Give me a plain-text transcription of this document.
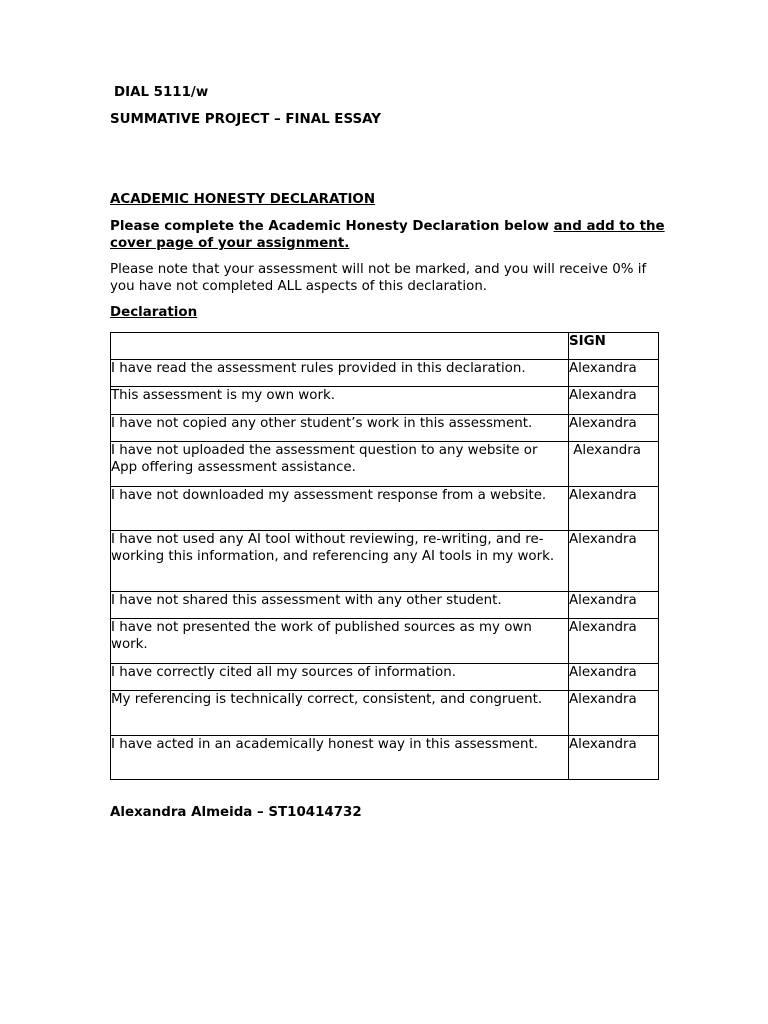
DIAL 5111/w

SUMMATIVE PROJECT – FINAL ESSAY

ACADEMIC HONESTY DECLARATION

Please complete the Academic Honesty Declaration below and add to the cover page of your assignment.

Please note that your assessment will not be marked, and you will receive 0% if you have not completed ALL aspects of this declaration.

Declaration

	SIGN
I have read the assessment rules provided in this declaration.	Alexandra
This assessment is my own work.	Alexandra
I have not copied any other student’s work in this assessment.	Alexandra
I have not uploaded the assessment question to any website or App offering assessment assistance.	Alexandra
I have not downloaded my assessment response from a website.	Alexandra
I have not used any AI tool without reviewing, re-writing, and re-working this information, and referencing any AI tools in my work.	Alexandra
I have not shared this assessment with any other student.	Alexandra
I have not presented the work of published sources as my own work.	Alexandra
I have correctly cited all my sources of information.	Alexandra
My referencing is technically correct, consistent, and congruent.	Alexandra
I have acted in an academically honest way in this assessment.	Alexandra

Alexandra Almeida – ST10414732
